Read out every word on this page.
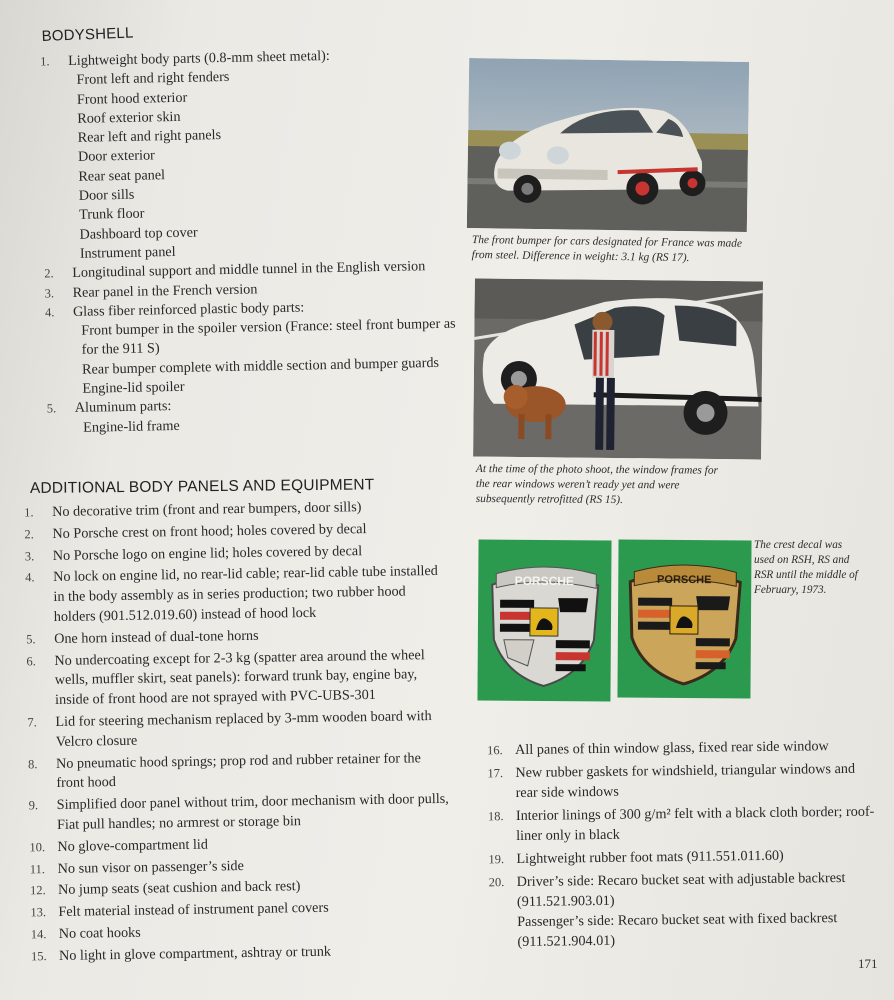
BODYSHELL
1.	Lightweight body parts (0.8-mm sheet metal):
Front left and right fenders
Front hood exterior
Roof exterior skin
Rear left and right panels
Door exterior
Rear seat panel
Door sills
Trunk floor
Dashboard top cover
Instrument panel
2.	Longitudinal support and middle tunnel in the English version
3.	Rear panel in the French version
4.	Glass fiber reinforced plastic body parts:
Front bumper in the spoiler version (France: steel front bumper as for the 911 S)
Rear bumper complete with middle section and bumper guards
Engine-lid spoiler
5.	Aluminum parts:
Engine-lid frame
ADDITIONAL BODY PANELS AND EQUIPMENT
1.	No decorative trim (front and rear bumpers, door sills)
2.	No Porsche crest on front hood; holes covered by decal
3.	No Porsche logo on engine lid; holes covered by decal
4.	No lock on engine lid, no rear-lid cable; rear-lid cable tube installed in the body assembly as in series production; two rubber hood holders (901.512.019.60) instead of hood lock
5.	One horn instead of dual-tone horns
6.	No undercoating except for 2-3 kg (spatter area around the wheel wells, muffler skirt, seat panels): forward trunk bay, engine bay, inside of front hood are not sprayed with PVC-UBS-301
7.	Lid for steering mechanism replaced by 3-mm wooden board with Velcro closure
8.	No pneumatic hood springs; prop rod and rubber retainer for the front hood
9.	Simplified door panel without trim, door mechanism with door pulls, Fiat pull handles; no armrest or storage bin
10. No glove-compartment lid
11. No sun visor on passenger’s side
12. No jump seats (seat cushion and back rest)
13. Felt material instead of instrument panel covers
14. No coat hooks
15. No light in glove compartment, ashtray or trunk
16. All panes of thin window glass, fixed rear side window
17. New rubber gaskets for windshield, triangular windows and rear side windows
18. Interior linings of 300 g/m² felt with a black cloth border; roof-liner only in black
19. Lightweight rubber foot mats (911.551.011.60)
20. Driver’s side: Recaro bucket seat with adjustable backrest (911.521.903.01)
Passenger’s side: Recaro bucket seat with fixed backrest (911.521.904.01)
The front bumper for cars designated for France was made from steel. Difference in weight: 3.1 kg (RS 17).
At the time of the photo shoot, the window frames for the rear windows weren’t ready yet and were subsequently retrofitted (RS 15).
PORSCHE	PORSCHE
The crest decal was used on RSH, RS and RSR until the middle of February, 1973.
171
